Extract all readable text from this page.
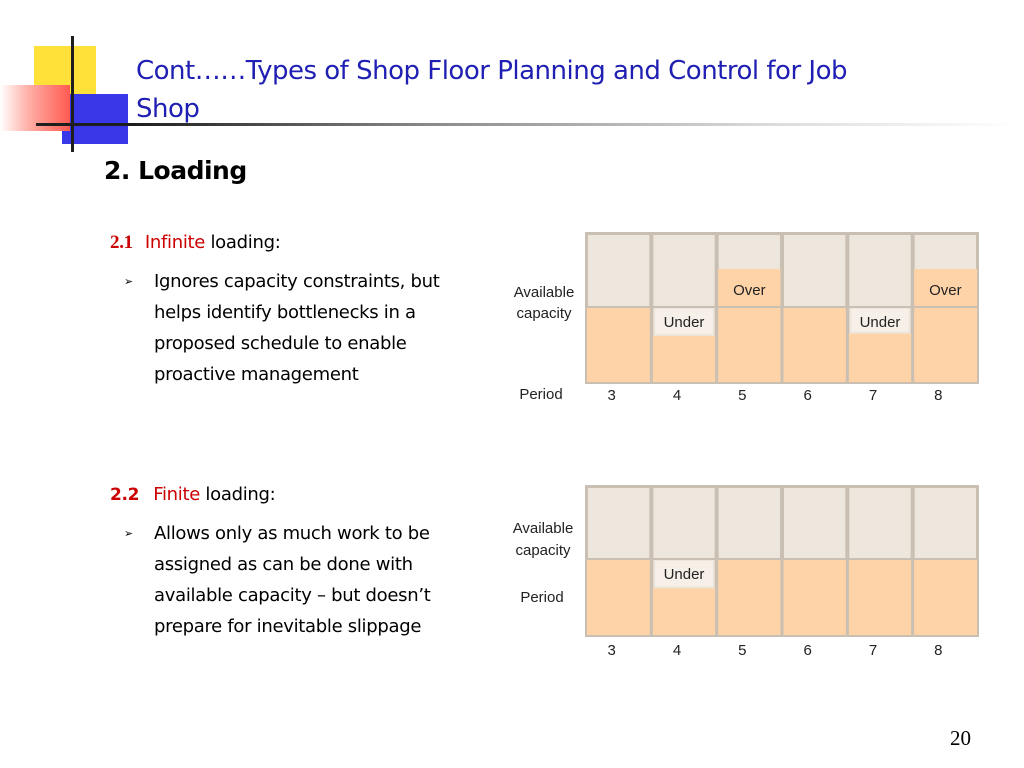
Cont……Types of Shop Floor Planning and Control for Job Shop
2. Loading
2.1 Infinite loading:
➢ Ignores capacity constraints, but helps identify bottlenecks in a proposed schedule to enable proactive management
2.2 Finite loading:
➢ Allows only as much work to be assigned as can be done with available capacity – but doesn’t prepare for inevitable slippage
Under
Over
Under
Over
Available
capacity
Period	3	4	5	6	7	8
Under
Available
capacity
Period
3	4	5	6	7	8
20
